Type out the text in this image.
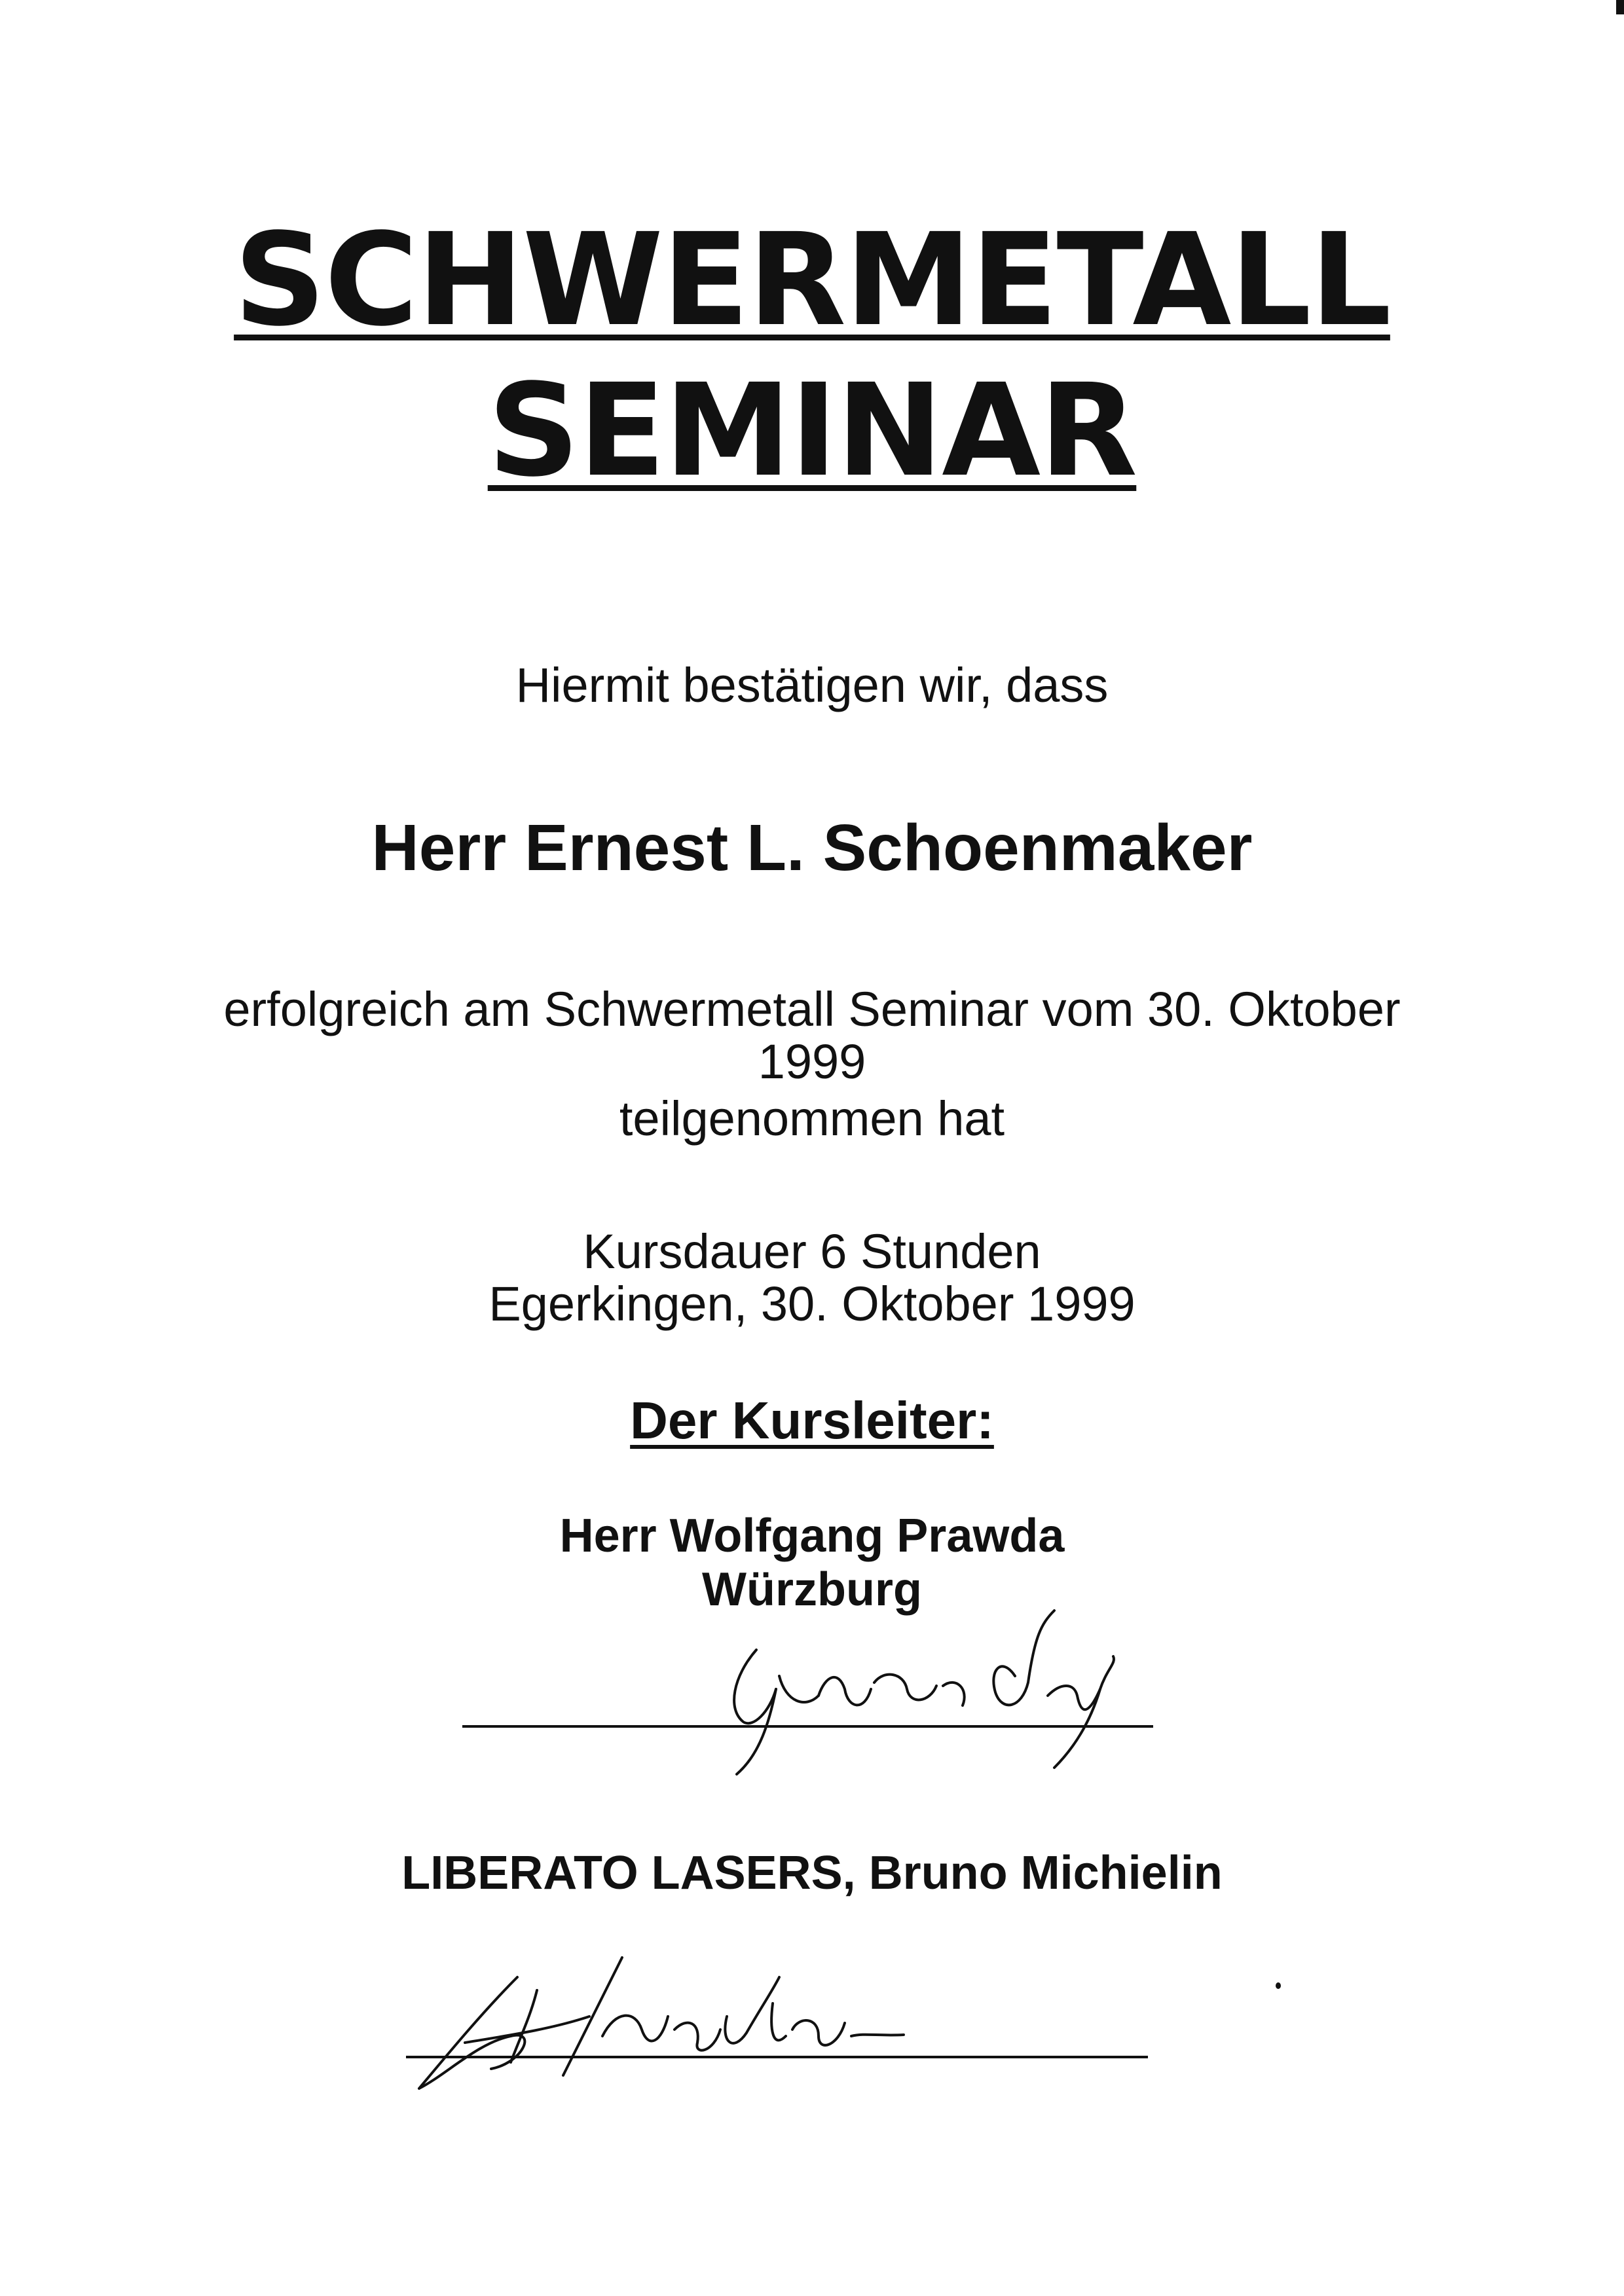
SCHWERMETALL
SEMINAR
Hiermit bestätigen wir, dass
Herr Ernest L. Schoenmaker
erfolgreich am Schwermetall Seminar vom 30. Oktober
1999
teilgenommen hat
Kursdauer 6 Stunden
Egerkingen, 30. Oktober 1999
Der Kursleiter:
Herr Wolfgang Prawda
Würzburg
LIBERATO LASERS, Bruno Michielin
